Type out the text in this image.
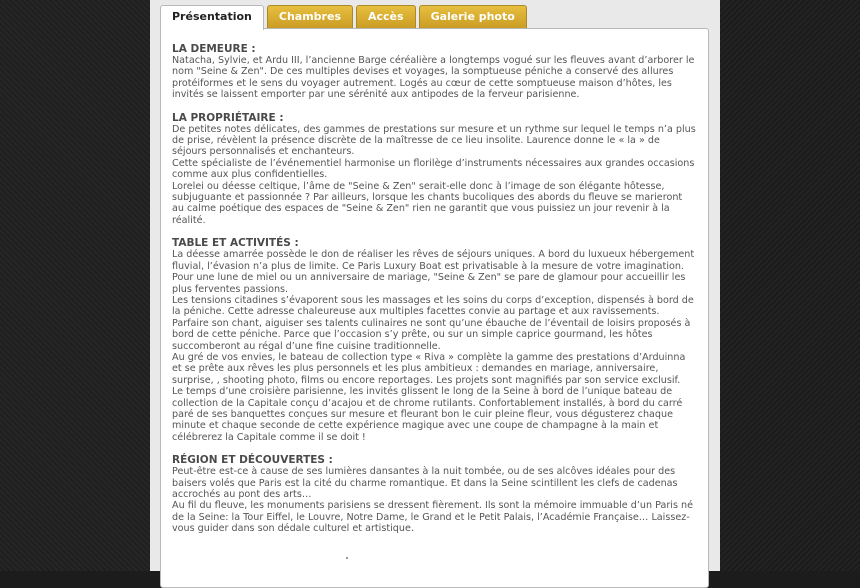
Présentation	Chambres	Accès	Galerie photo
LA DEMEURE :

Natacha, Sylvie, et Ardu III, l’ancienne Barge céréalière a longtemps vogué sur les fleuves avant d’arborer le nom "Seine & Zen". De ces multiples devises et voyages, la somptueuse péniche a conservé des allures protéiformes et le sens du voyager autrement. Logés au cœur de cette somptueuse maison d’hôtes, les invités se laissent emporter par une sérénité aux antipodes de la ferveur parisienne.

LA PROPRIÉTAIRE :

De petites notes délicates, des gammes de prestations sur mesure et un rythme sur lequel le temps n’a plus de prise, révèlent la présence discrète de la maîtresse de ce lieu insolite. Laurence donne le « la » de séjours personnalisés et enchanteurs.

Cette spécialiste de l’événementiel harmonise un florilège d’instruments nécessaires aux grandes occasions comme aux plus confidentielles.

Lorelei ou déesse celtique, l’âme de "Seine & Zen" serait-elle donc à l’image de son élégante hôtesse, subjuguante et passionnée ? Par ailleurs, lorsque les chants bucoliques des abords du fleuve se marieront au calme poétique des espaces de "Seine & Zen" rien ne garantit que vous puissiez un jour revenir à la réalité.

TABLE ET ACTIVITÉS :

La déesse amarrée possède le don de réaliser les rêves de séjours uniques. A bord du luxueux hébergement fluvial, l’évasion n’a plus de limite. Ce Paris Luxury Boat est privatisable à la mesure de votre imagination. Pour une lune de miel ou un anniversaire de mariage, "Seine & Zen" se pare de glamour pour accueillir les plus ferventes passions.

Les tensions citadines s’évaporent sous les massages et les soins du corps d’exception, dispensés à bord de la péniche. Cette adresse chaleureuse aux multiples facettes convie au partage et aux ravissements. Parfaire son chant, aiguiser ses talents culinaires ne sont qu’une ébauche de l’éventail de loisirs proposés à bord de cette péniche. Parce que l’occasion s’y prête, ou sur un simple caprice gourmand, les hôtes succomberont au régal d’une fine cuisine traditionnelle.

Au gré de vos envies, le bateau de collection type « Riva » complète la gamme des prestations d’Arduinna et se prête aux rêves les plus personnels et les plus ambitieux : demandes en mariage, anniversaire, surprise, , shooting photo, films ou encore reportages. Les projets sont magnifiés par son service exclusif.

Le temps d’une croisière parisienne, les invités glissent le long de la Seine à bord de l’unique bateau de collection de la Capitale conçu d’acajou et de chrome rutilants. Confortablement installés, à bord du carré paré de ses banquettes conçues sur mesure et fleurant bon le cuir pleine fleur, vous dégusterez chaque minute et chaque seconde de cette expérience magique avec une coupe de champagne à la main et célébrerez la Capitale comme il se doit !

RÉGION ET DÉCOUVERTES :

Peut-être est-ce à cause de ses lumières dansantes à la nuit tombée, ou de ses alcôves idéales pour des baisers volés que Paris est la cité du charme romantique. Et dans la Seine scintillent les clefs de cadenas accrochés au pont des arts…

Au fil du fleuve, les monuments parisiens se dressent fièrement. Ils sont la mémoire immuable d’un Paris né de la Seine: la Tour Eiffel, le Louvre, Notre Dame, le Grand et le Petit Palais, l’Académie Française… Laissez-vous guider dans son dédale culturel et artistique.
